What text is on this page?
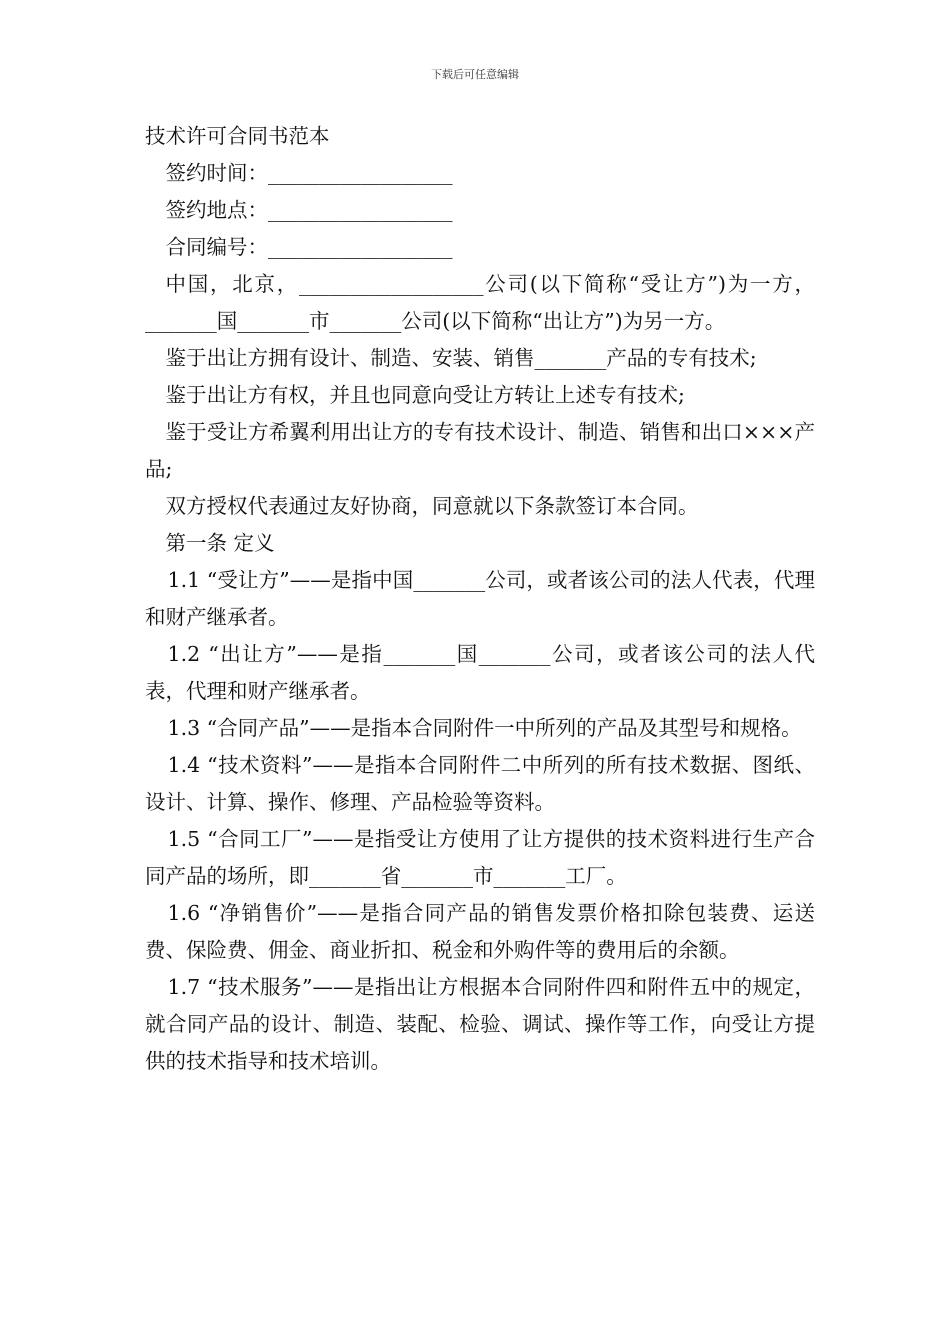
下载后可任意编辑

技术许可合同书范本

签约时间：__________________

签约地点：__________________

合同编号：__________________

中国，北京，__________________公司(以下简称“受让方”)为一方，_______国_______市_______公司(以下简称“出让方”)为另一方。

鉴于出让方拥有设计、制造、安装、销售_______产品的专有技术;

鉴于出让方有权，并且也同意向受让方转让上述专有技术;

鉴于受让方希翼利用出让方的专有技术设计、制造、销售和出口×××产品;

双方授权代表通过友好协商，同意就以下条款签订本合同。

第一条 定义

1.1 “受让方”——是指中国_______公司，或者该公司的法人代表，代理和财产继承者。

1.2 “出让方”——是指_______国_______公司，或者该公司的法人代表，代理和财产继承者。

1.3 “合同产品”——是指本合同附件一中所列的产品及其型号和规格。

1.4 “技术资料”——是指本合同附件二中所列的所有技术数据、图纸、设计、计算、操作、修理、产品检验等资料。

1.5 “合同工厂”——是指受让方使用了让方提供的技术资料进行生产合同产品的场所，即_______省_______市_______工厂。

1.6 “净销售价”——是指合同产品的销售发票价格扣除包装费、运送费、保险费、佣金、商业折扣、税金和外购件等的费用后的余额。

1.7 “技术服务”——是指出让方根据本合同附件四和附件五中的规定，就合同产品的设计、制造、装配、检验、调试、操作等工作，向受让方提供的技术指导和技术培训。
